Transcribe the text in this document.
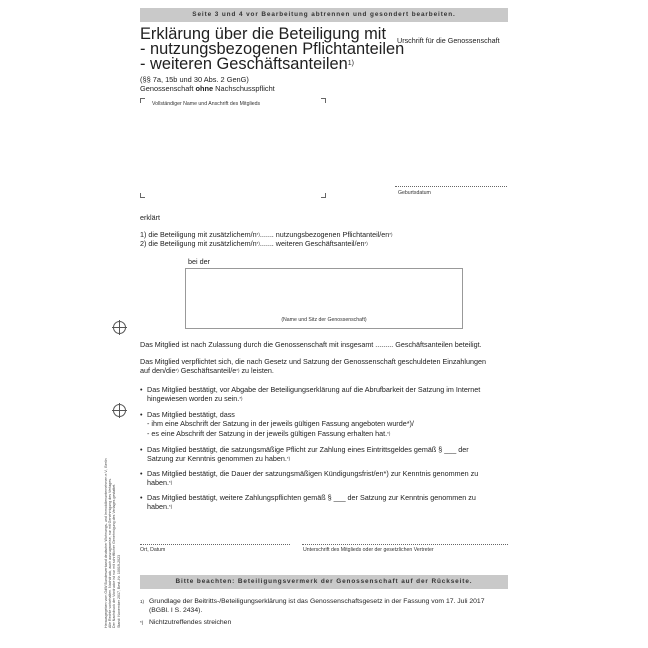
Seite 3 und 4 vor Bearbeitung abtrennen und gesondert bearbeiten.
Erklärung über die Beteiligung mit
- nutzungsbezogenen Pflichtanteilen
- weiteren Geschäftsanteilen$^{1)}$
(§§ 7a, 15b und 30 Abs. 2 GenG)
Genossenschaft ohne Nachschusspflicht
Urschrift für die Genossenschaft
Vollständiger Name und Anschrift des Mitglieds
Geburtsdatum
erklärt
1) die Beteiligung mit zusätzlichem/n*)....... nutzungsbezogenen Pflichtanteil/en*)
2) die Beteiligung mit zusätzlichem/n*)....... weiteren Geschäftsanteil/en*)
bei der
(Name und Sitz der Genossenschaft)
Das Mitglied ist nach Zulassung durch die Genossenschaft mit insgesamt ......... Geschäftsanteilen beteiligt.
Das Mitglied verpflichtet sich, die nach Gesetz und Satzung der Genossenschaft geschuldeten Einzahlungen
auf den/die*) Geschäftsanteil/e*) zu leisten.
• Das Mitglied bestätigt, vor Abgabe der Beteiligungserklärung auf die Abrufbarkeit der Satzung im Internet
hingewiesen worden zu sein.*)
• Das Mitglied bestätigt, dass
- ihm eine Abschrift der Satzung in der jeweils gültigen Fassung angeboten wurde*)/
- es eine Abschrift der Satzung in der jeweils gültigen Fassung erhalten hat.*)
• Das Mitglied bestätigt, die satzungsmäßige Pflicht zur Zahlung eines Eintrittsgeldes gemäß § ___ der
Satzung zur Kenntnis genommen zu haben.*)
• Das Mitglied bestätigt, die Dauer der satzungsmäßigen Kündigungsfrist/en*) zur Kenntnis genommen zu
haben.*)
• Das Mitglied bestätigt, weitere Zahlungspflichten gemäß § ___ der Satzung zur Kenntnis genommen zu
haben.*)
Ort, Datum	Unterschrift des Mitglieds oder der gesetzlichen Vertreter
Bitte beachten: Beteiligungsvermerk der Genossenschaft auf der Rückseite.
1) Grundlage der Beitritts-/Beteiligungserklärung ist das Genossenschaftsgesetz in der Fassung vom 17. Juli 2017
(BGBl. I S. 2434).
*) Nichtzutreffendes streichen
Herausgegeben vom GdW Bundesverband deutscher Wohnungs- und Immobilienunternehmen e.V., Berlin Alle Rechte vorbehalten. Nachdruck, auch auszugsweise, nur mit Genehmigung des Verlages. Der Nachdruck der Vordrucke ist nur mit schriftlicher Genehmigung des Verlages gestattet. Stand: November 2017, Best.-Nr. 10019-2023
